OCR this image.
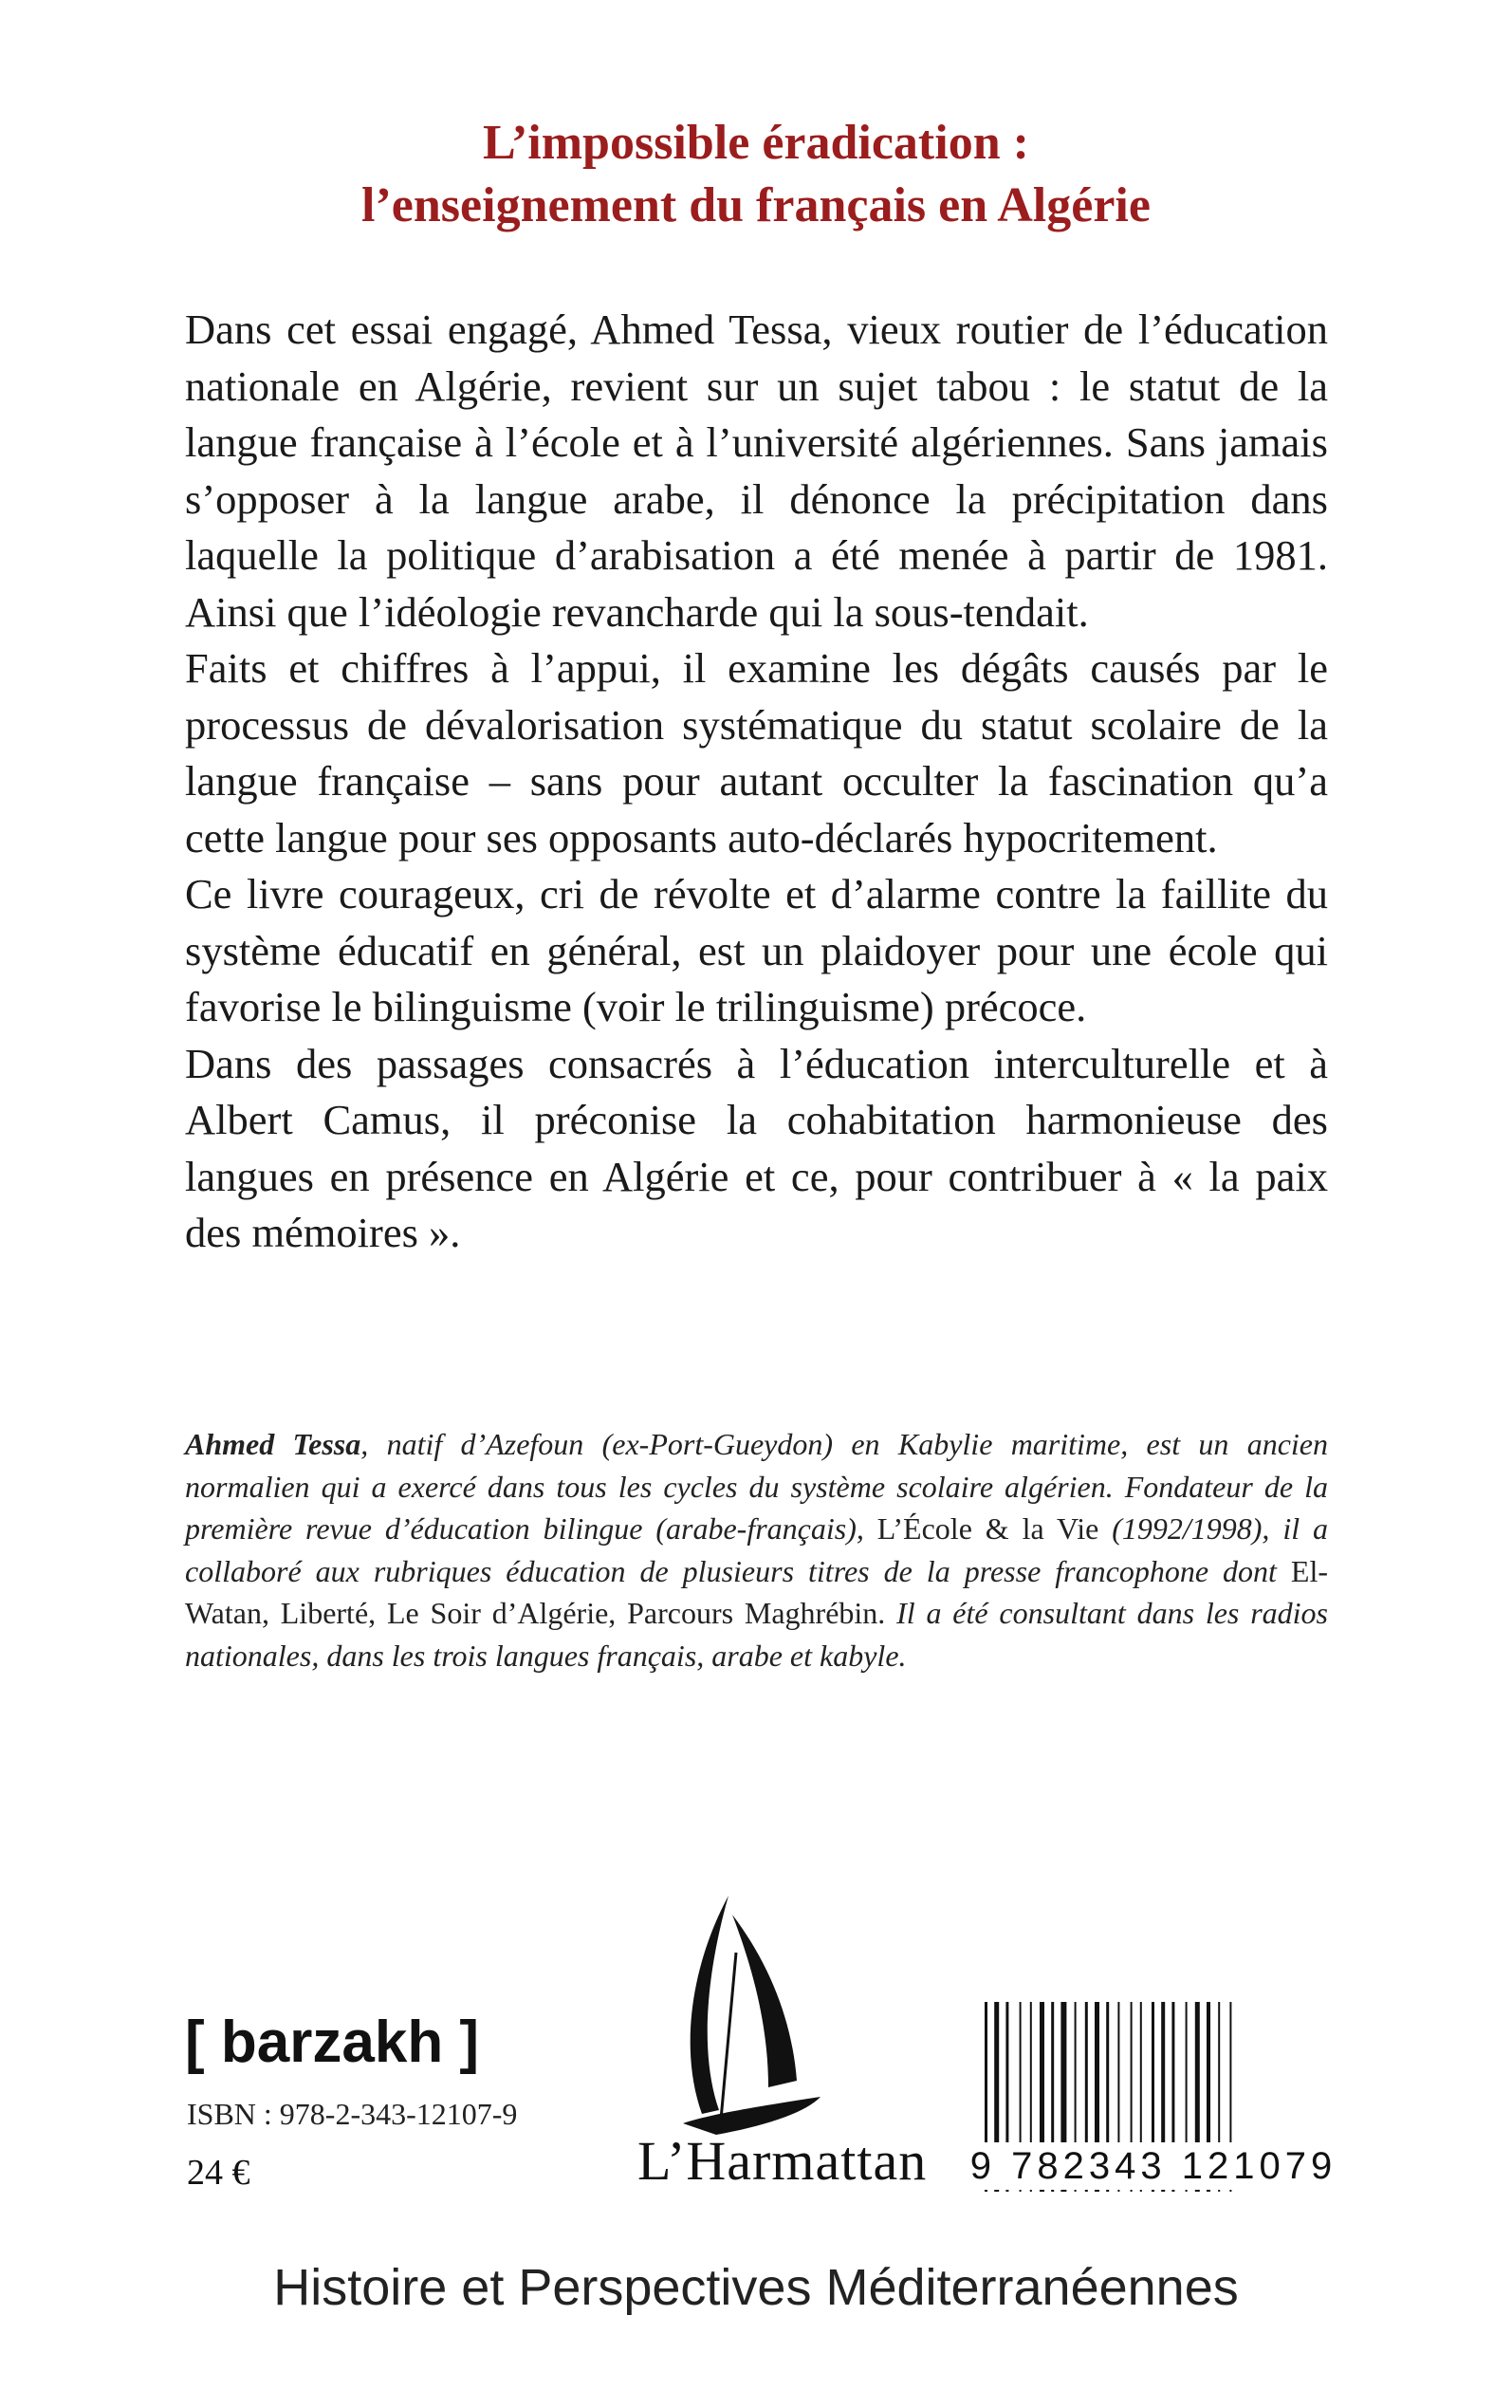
L’impossible éradication :
l’enseignement du français en Algérie

Dans cet essai engagé, Ahmed Tessa, vieux routier de l’éducation nationale en Algérie, revient sur un sujet tabou : le statut de la langue française à l’école et à l’université algériennes. Sans jamais s’opposer à la langue arabe, il dénonce la précipitation dans laquelle la politique d’arabisation a été menée à partir de 1981. Ainsi que l’idéologie revancharde qui la sous-tendait.

Faits et chiffres à l’appui, il examine les dégâts causés par le processus de dévalorisation systématique du statut scolaire de la langue française – sans pour autant occulter la fascination qu’a cette langue pour ses opposants auto-déclarés hypocritement.

Ce livre courageux, cri de révolte et d’alarme contre la faillite du système éducatif en général, est un plaidoyer pour une école qui favorise le bilinguisme (voir le trilinguisme) précoce.

Dans des passages consacrés à l’éducation interculturelle et à Albert Camus, il préconise la cohabitation harmonieuse des langues en présence en Algérie et ce, pour contribuer à « la paix des mémoires ».

Ahmed Tessa, natif d’Azefoun (ex-Port-Gueydon) en Kabylie maritime, est un ancien normalien qui a exercé dans tous les cycles du système scolaire algérien. Fondateur de la première revue d’éducation bilingue (arabe-français), L’École & la Vie (1992/1998), il a collaboré aux rubriques éducation de plusieurs titres de la presse francophone dont El-Watan, Liberté, Le Soir d’Algérie, Parcours Maghrébin. Il a été consultant dans les radios nationales, dans les trois langues français, arabe et kabyle.

[ barzakh ]
ISBN : 978-2-343-12107-9
24 €	L’Harmattan 9 782343 121079
Histoire et Perspectives Méditerranéennes
